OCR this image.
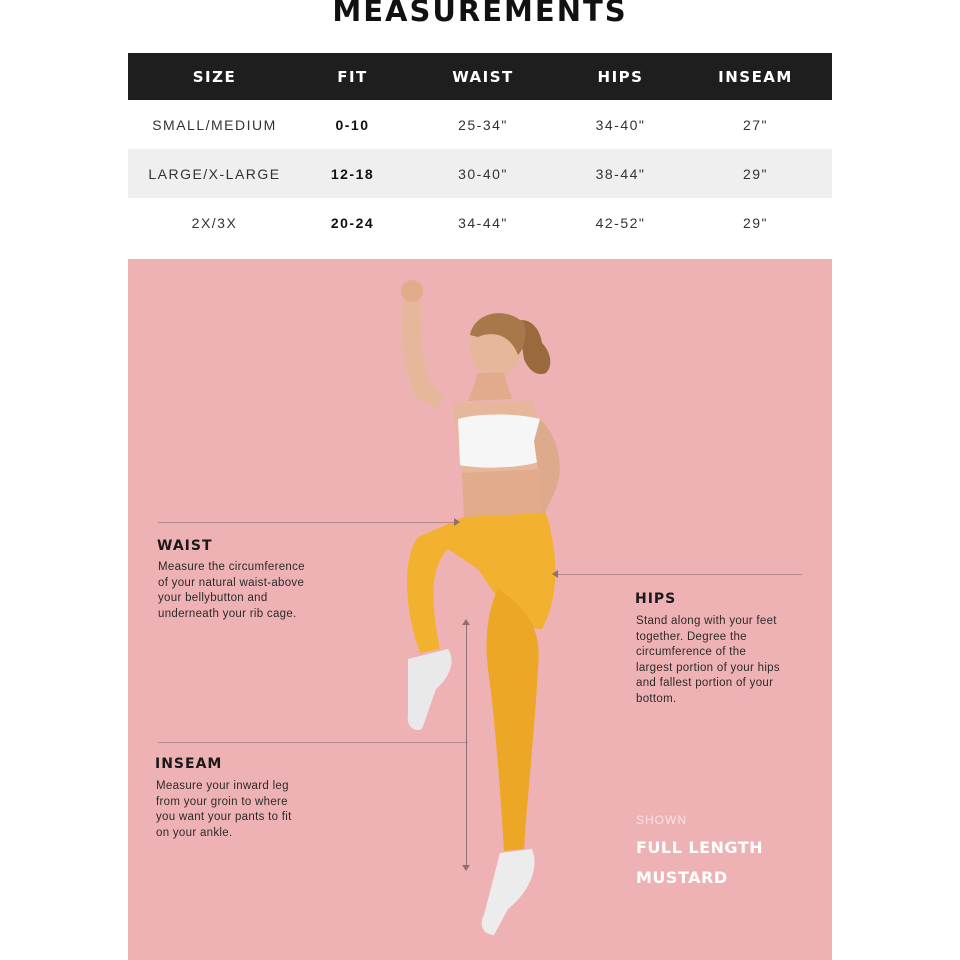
MEASUREMENTS
SIZE	FIT	WAIST	HIPS	INSEAM
SMALL/MEDIUM	0-10	25-34"	34-40"	27"
LARGE/X-LARGE	12-18	30-40"	38-44"	29"
2X/3X	20-24	34-44"	42-52"	29"
WAIST
Measure the circumference
of your natural waist-above
your bellybutton and
underneath your rib cage.
HIPS
Stand along with your feet
together. Degree the
circumference of the
largest portion of your hips
and fallest portion of your
bottom.
INSEAM
Measure your inward leg
from your groin to where
you want your pants to fit
on your ankle.
SHOWN
FULL LENGTH
MUSTARD
